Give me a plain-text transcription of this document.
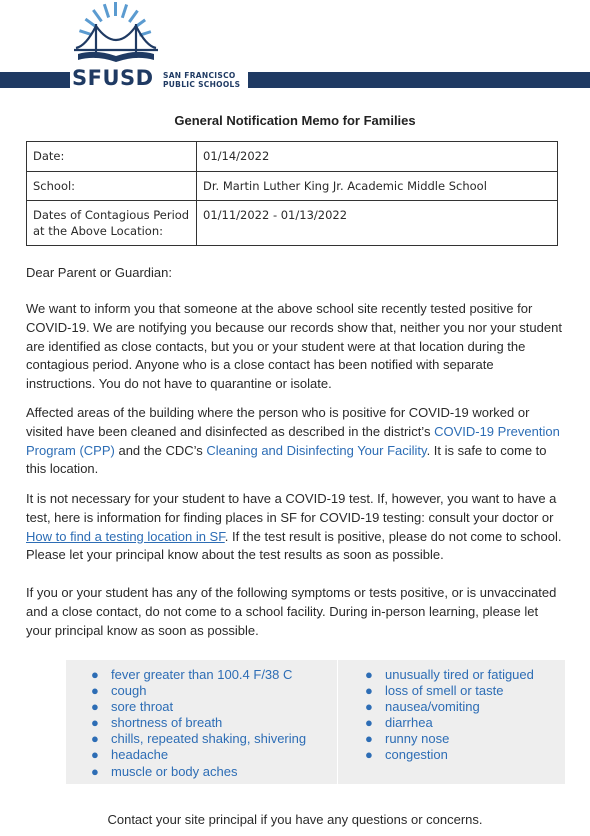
SFUSD SAN FRANCISCO
PUBLIC SCHOOLS
General Notification Memo for Families
Date:	01/14/2022
School:	Dr. Martin Luther King Jr. Academic Middle School

Dates of Contagious Period
at the Above Location:	01/11/2022 - 01/13/2022
Dear Parent or Guardian:
We want to inform you that someone at the above school site recently tested positive for COVID-19. We are notifying you because our records show that, neither you nor your student are identified as close contacts, but you or your student were at that location during the contagious period. Anyone who is a close contact has been notified with separate instructions. You do not have to quarantine or isolate.
Affected areas of the building where the person who is positive for COVID-19 worked or visited have been cleaned and disinfected as described in the district’s COVID-19 Prevention Program (CPP) and the CDC’s Cleaning and Disinfecting Your Facility. It is safe to come to this location.
It is not necessary for your student to have a COVID-19 test. If, however, you want to have a test, here is information for finding places in SF for COVID-19 testing: consult your doctor or How to find a testing location in SF. If the test result is positive, please do not come to school. Please let your principal know about the test results as soon as possible.
If you or your student has any of the following symptoms or tests positive, or is unvaccinated and a close contact, do not come to a school facility. During in-person learning, please let your principal know as soon as possible.
● fever greater than 100.4 F/38 C
● cough
● sore throat
● shortness of breath
● chills, repeated shaking, shivering
● headache
● muscle or body aches
● unusually tired or fatigued
● loss of smell or taste
● nausea/vomiting
● diarrhea
● runny nose
● congestion
Contact your site principal if you have any questions or concerns.
